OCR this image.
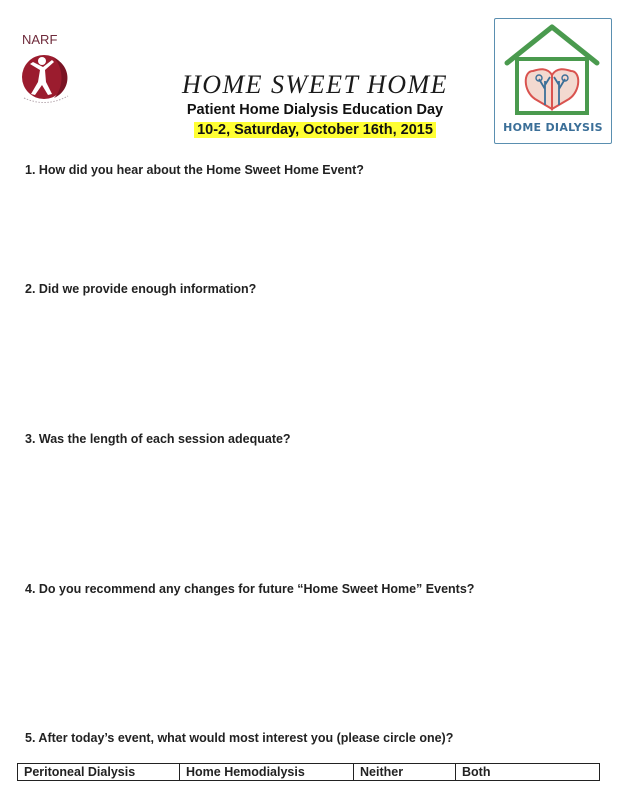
NARF
HOME DIALYSIS
HOME SWEET HOME
Patient Home Dialysis Education Day
10-2, Saturday, October 16th, 2015
1. How did you hear about the Home Sweet Home Event?
2. Did we provide enough information?
3. Was the length of each session adequate?
4. Do you recommend any changes for future “Home Sweet Home” Events?
5. After today’s event, what would most interest you (please circle one)?
Peritoneal Dialysis	Home Hemodialysis	Neither	Both
